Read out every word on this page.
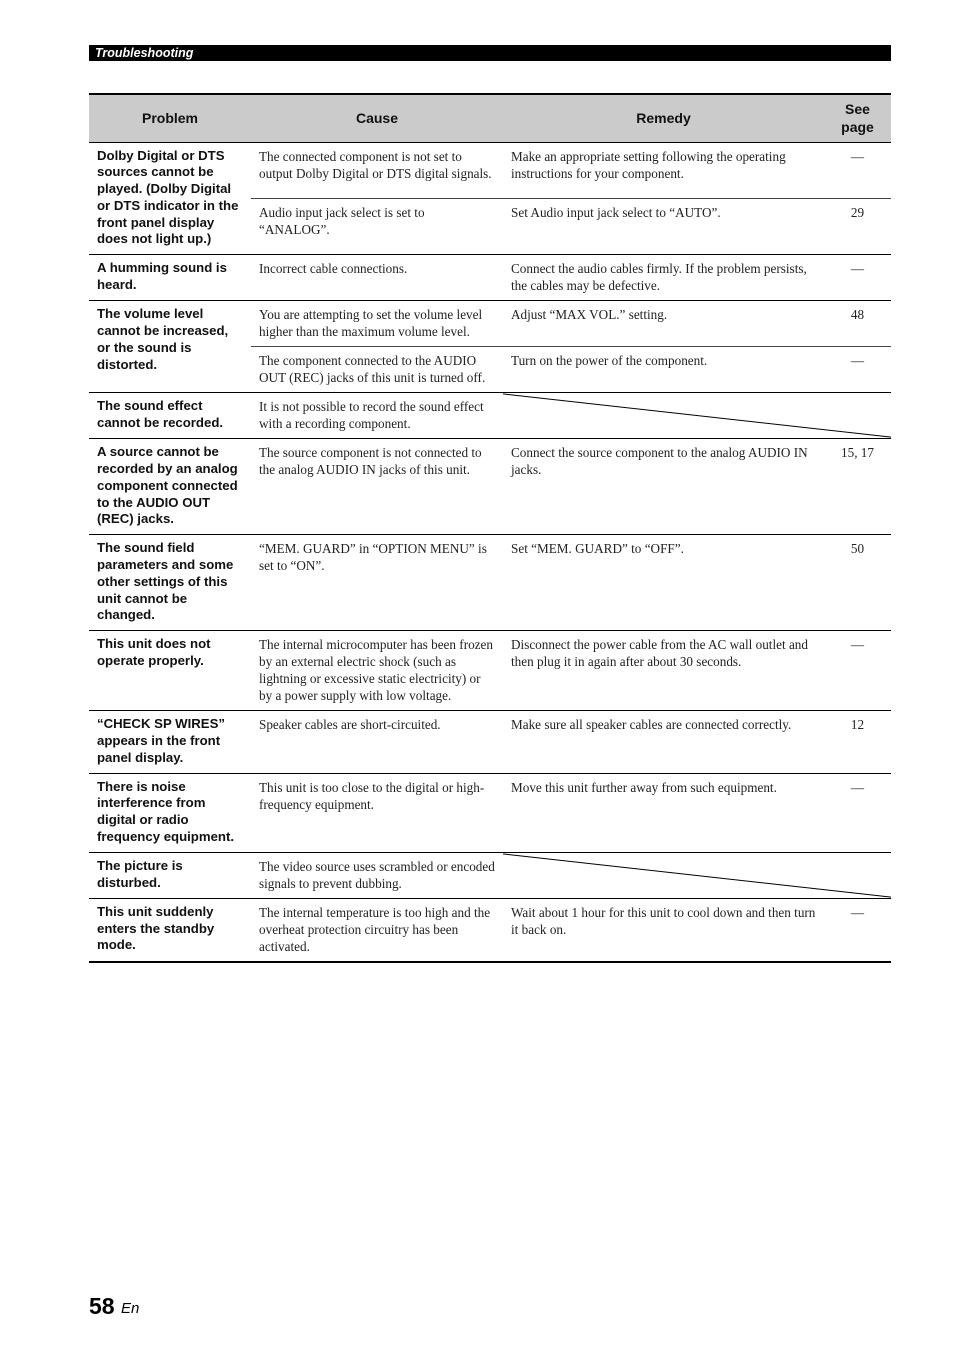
Troubleshooting
Problem	Cause	Remedy	See page
Dolby Digital or DTS sources cannot be played. (Dolby Digital or DTS indicator in the front panel display does not light up.)	The connected component is not set to output Dolby Digital or DTS digital signals.	Make an appropriate setting following the operating instructions for your component.	—
	Audio input jack select is set to “ANALOG”.	Set Audio input jack select to “AUTO”.	29
A humming sound is heard.	Incorrect cable connections.	Connect the audio cables firmly. If the problem persists, the cables may be defective.	—
The volume level cannot be increased, or the sound is distorted.	You are attempting to set the volume level higher than the maximum volume level.	Adjust “MAX VOL.” setting.	48
	The component connected to the AUDIO OUT (REC) jacks of this unit is turned off.	Turn on the power of the component.	—
The sound effect cannot be recorded.	It is not possible to record the sound effect with a recording component.	

A source cannot be recorded by an analog component connected to the AUDIO OUT (REC) jacks.	The source component is not connected to the analog AUDIO IN jacks of this unit.	Connect the source component to the analog AUDIO IN jacks.	15, 17
The sound field parameters and some other settings of this unit cannot be changed.	“MEM. GUARD” in “OPTION MENU” is set to “ON”.	Set “MEM. GUARD” to “OFF”.	50
This unit does not operate properly.	The internal microcomputer has been frozen by an external electric shock (such as lightning or excessive static electricity) or by a power supply with low voltage.	Disconnect the power cable from the AC wall outlet and then plug it in again after about 30 seconds.	—
“CHECK SP WIRES” appears in the front panel display.	Speaker cables are short-circuited.	Make sure all speaker cables are connected correctly.	12
There is noise interference from digital or radio frequency equipment.	This unit is too close to the digital or high-frequency equipment.	Move this unit further away from such equipment.	—
The picture is disturbed.	The video source uses scrambled or encoded signals to prevent dubbing.	

This unit suddenly enters the standby mode.	The internal temperature is too high and the overheat protection circuitry has been activated.	Wait about 1 hour for this unit to cool down and then turn it back on.	—
58 En
